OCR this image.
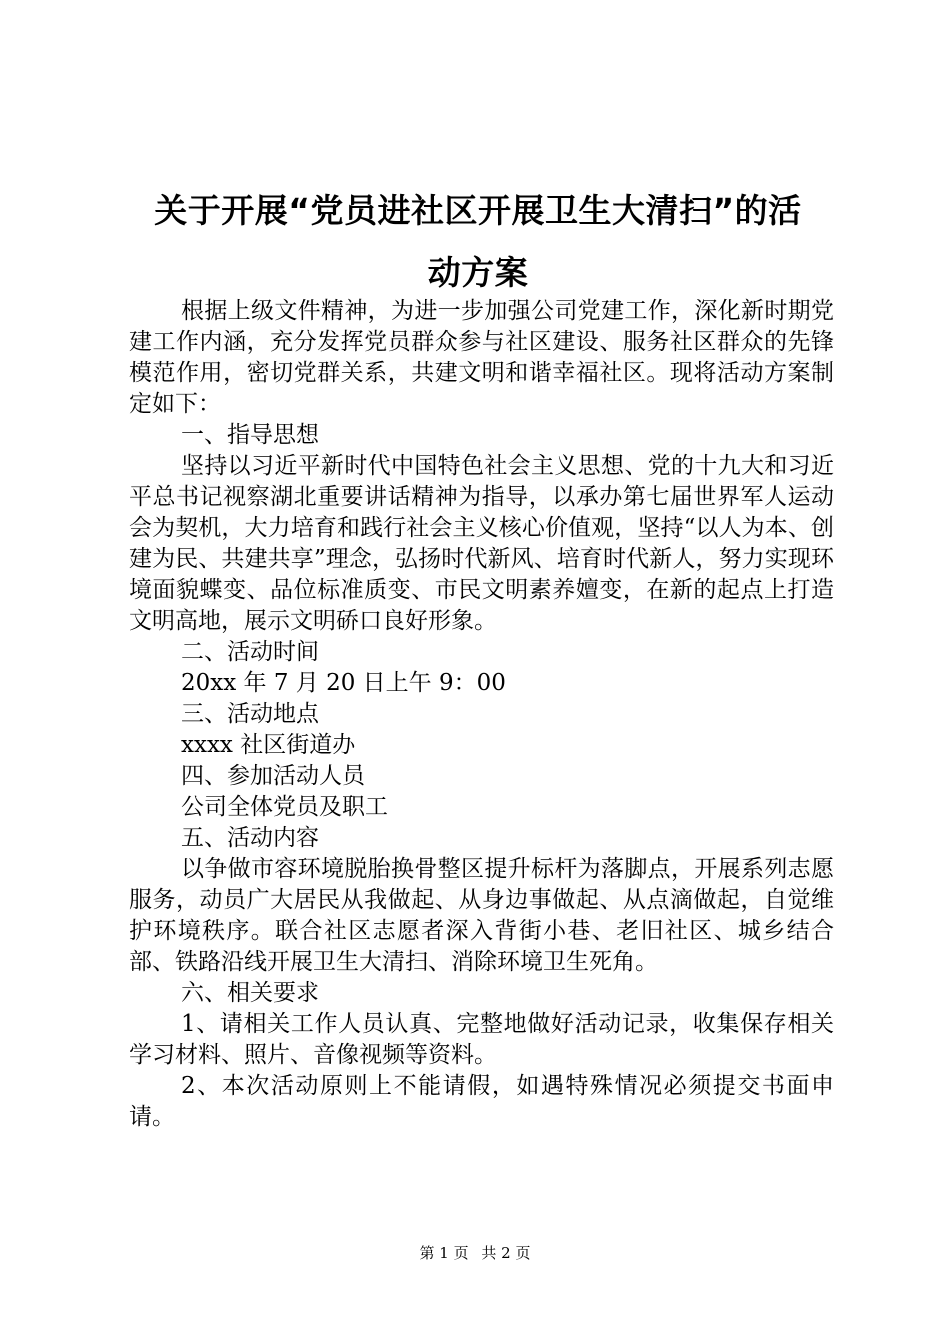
关于开展“党员进社区开展卫生大清扫”的活
动方案

根据上级文件精神，为进一步加强公司党建工作，深化新时期党建工作内涵，充分发挥党员群众参与社区建设、服务社区群众的先锋模范作用，密切党群关系，共建文明和谐幸福社区。现将活动方案制定如下：

一、指导思想

坚持以习近平新时代中国特色社会主义思想、党的十九大和习近平总书记视察湖北重要讲话精神为指导，以承办第七届世界军人运动会为契机，大力培育和践行社会主义核心价值观，坚持“以人为本、创建为民、共建共享”理念，弘扬时代新风、培育时代新人，努力实现环境面貌蝶变、品位标准质变、市民文明素养嬗变，在新的起点上打造文明高地，展示文明硚口良好形象。

二、活动时间

20xx 年 7 月 20 日上午 9：00

三、活动地点

xxxx 社区街道办

四、参加活动人员

公司全体党员及职工

五、活动内容

以争做市容环境脱胎换骨整区提升标杆为落脚点，开展系列志愿服务，动员广大居民从我做起、从身边事做起、从点滴做起，自觉维护环境秩序。联合社区志愿者深入背街小巷、老旧社区、城乡结合部、铁路沿线开展卫生大清扫、消除环境卫生死角。

六、相关要求

1、请相关工作人员认真、完整地做好活动记录，收集保存相关学习材料、照片、音像视频等资料。

2、本次活动原则上不能请假，如遇特殊情况必须提交书面申请。

第 1 页 共 2 页
